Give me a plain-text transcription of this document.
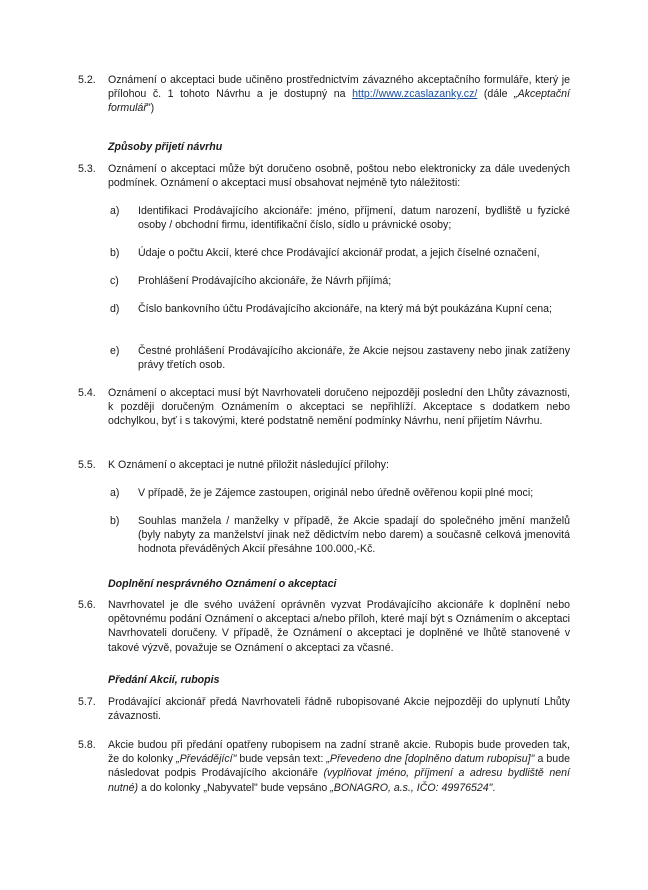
5.2.	Oznámení o akceptaci bude učiněno prostřednictvím závazného akceptačního formuláře, který je přílohou č. 1 tohoto Návrhu a je dostupný na http://www.zcaslazanky.cz/ (dále „Akceptační formulář")
Způsoby přijetí návrhu
5.3.	Oznámení o akceptaci může být doručeno osobně, poštou nebo elektronicky za dále uvedených podmínek. Oznámení o akceptaci musí obsahovat nejméně tyto náležitosti:
a)	Identifikaci Prodávajícího akcionáře: jméno, příjmení, datum narození, bydliště u fyzické osoby / obchodní firmu, identifikační číslo, sídlo u právnické osoby;
b)	Údaje o počtu Akcií, které chce Prodávající akcionář prodat, a jejich číselné označení,
c)	Prohlášení Prodávajícího akcionáře, že Návrh přijímá;
d)	Číslo bankovního účtu Prodávajícího akcionáře, na který má být poukázána Kupní cena;
e)	Čestné prohlášení Prodávajícího akcionáře, že Akcie nejsou zastaveny nebo jinak zatíženy právy třetích osob.
5.4.	Oznámení o akceptaci musí být Navrhovateli doručeno nejpozději poslední den Lhůty závaznosti, k později doručeným Oznámením o akceptaci se nepřihlíží. Akceptace s dodatkem nebo odchylkou, byť i s takovými, které podstatně nemění podmínky Návrhu, není přijetím Návrhu.
5.5.	K Oznámení o akceptaci je nutné přiložit následující přílohy:
a)	V případě, že je Zájemce zastoupen, originál nebo úředně ověřenou kopii plné moci;
b)	Souhlas manžela / manželky v případě, že Akcie spadají do společného jmění manželů (byly nabyty za manželství jinak než dědictvím nebo darem) a současně celková jmenovitá hodnota převáděných Akcií přesáhne 100.000,-Kč.
Doplnění nesprávného Oznámení o akceptaci
5.6.	Navrhovatel je dle svého uvážení oprávněn vyzvat Prodávajícího akcionáře k doplnění nebo opětovnému podání Oznámení o akceptaci a/nebo příloh, které mají být s Oznámením o akceptaci Navrhovateli doručeny. V případě, že Oznámení o akceptaci je doplněné ve lhůtě stanovené v takové výzvě, považuje se Oznámení o akceptaci za včasné.
Předání Akcií, rubopis
5.7.	Prodávající akcionář předá Navrhovateli řádně rubopisované Akcie nejpozději do uplynutí Lhůty závaznosti.
5.8.	Akcie budou při předání opatřeny rubopisem na zadní straně akcie. Rubopis bude proveden tak, že do kolonky „Převádějící" bude vepsán text: „Převedeno dne [doplněno datum rubopisu]" a bude následovat podpis Prodávajícího akcionáře (vyplňovat jméno, příjmení a adresu bydliště není nutné) a do kolonky „Nabyvatel" bude vepsáno „BONAGRO, a.s., IČO: 49976524".
